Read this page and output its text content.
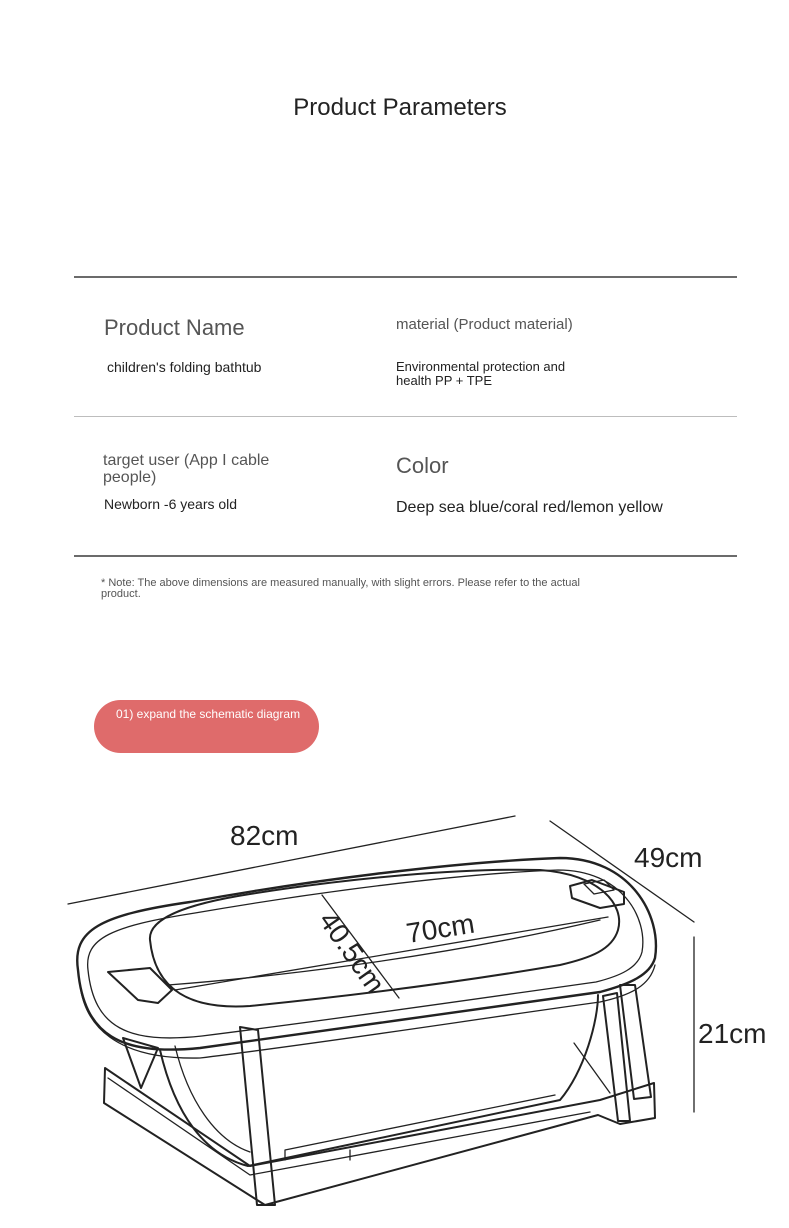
Product Parameters
Product Name
children's folding bathtub
material (Product material)
Environmental protection and health PP + TPE
target user (App I cable people)
Newborn -6 years old
Color
Deep sea blue/coral red/lemon yellow
* Note: The above dimensions are measured manually, with slight errors. Please refer to the actual product.
01) expand the schematic diagram
82cm
49cm
21cm
70cm
40.5cm
